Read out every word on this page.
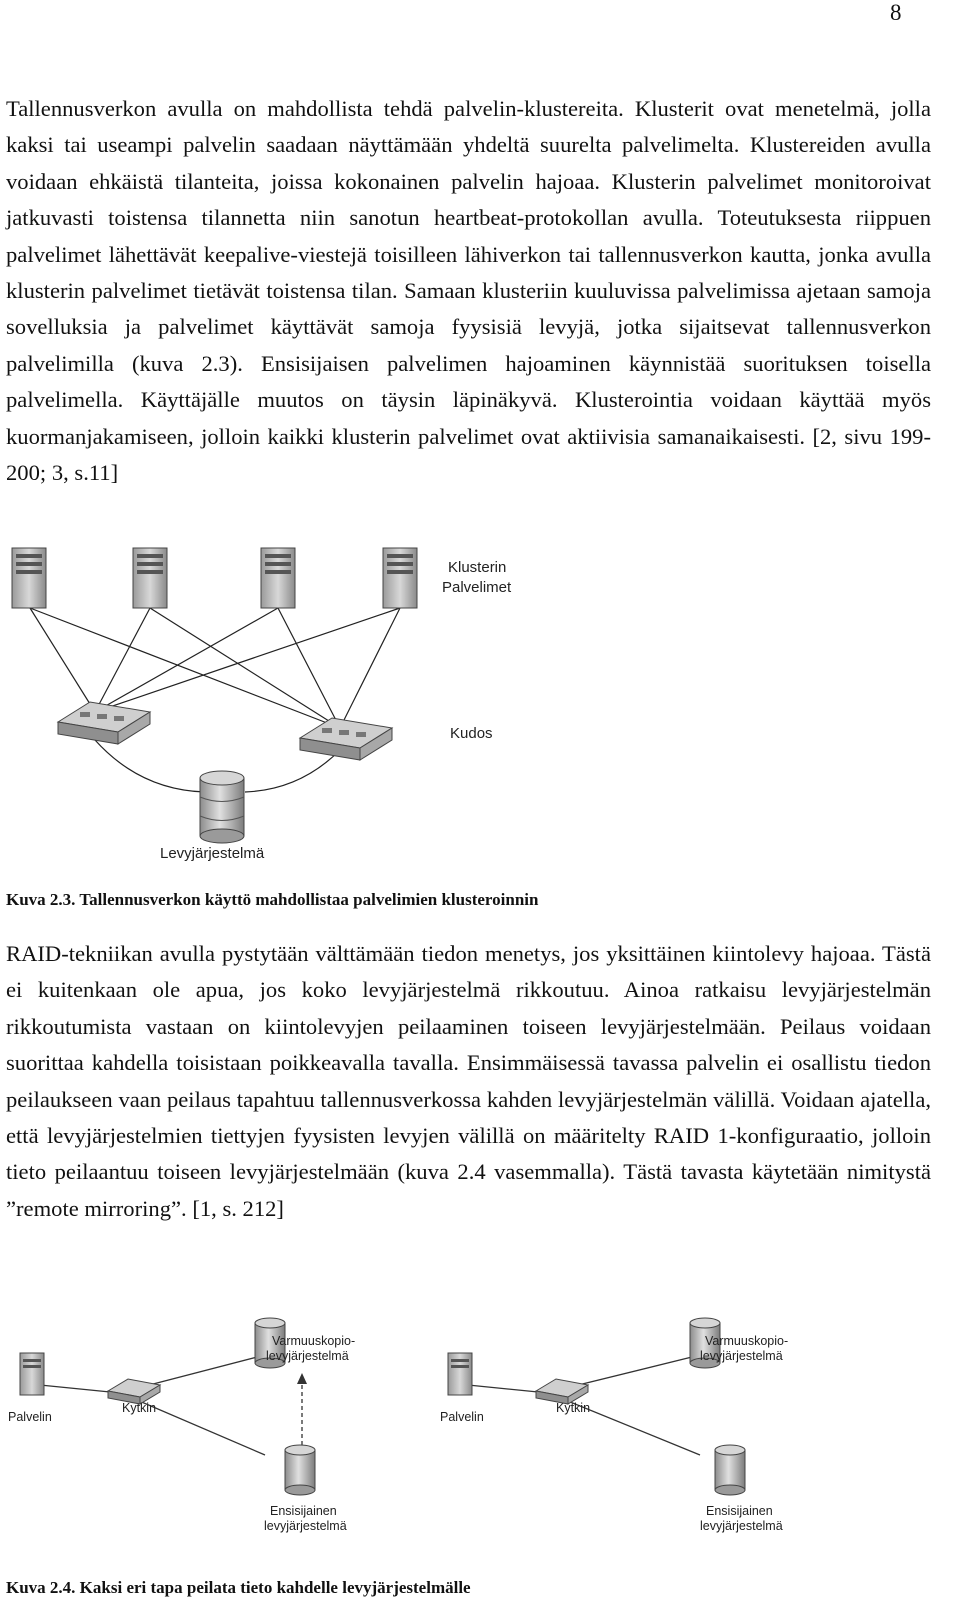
8

Tallennusverkon avulla on mahdollista tehdä palvelin-klustereita. Klusterit ovat menetelmä, jolla kaksi tai useampi palvelin saadaan näyttämään yhdeltä suurelta palvelimelta. Klustereiden avulla voidaan ehkäistä tilanteita, joissa kokonainen palvelin hajoaa. Klusterin palvelimet monitoroivat jatkuvasti toistensa tilannetta niin sanotun heartbeat-protokollan avulla. Toteutuksesta riippuen palvelimet lähettävät keepalive-viestejä toisilleen lähiverkon tai tallennusverkon kautta, jonka avulla klusterin palvelimet tietävät toistensa tilan. Samaan klusteriin kuuluvissa palvelimissa ajetaan samoja sovelluksia ja palvelimet käyttävät samoja fyysisiä levyjä, jotka sijaitsevat tallennusverkon palvelimilla (kuva 2.3). Ensisijaisen palvelimen hajoaminen käynnistää suorituksen toisella palvelimella. Käyttäjälle muutos on täysin läpinäkyvä. Klusterointia voidaan käyttää myös kuormanjakamiseen, jolloin kaikki klusterin palvelimet ovat aktiivisia samanaikaisesti. [2, sivu 199-200; 3, s.11]

Klusterin
Palvelimet
Kudos
Levyjärjestelmä

Kuva 2.3. Tallennusverkon käyttö mahdollistaa palvelimien klusteroinnin

RAID-tekniikan avulla pystytään välttämään tiedon menetys, jos yksittäinen kiintolevy hajoaa. Tästä ei kuitenkaan ole apua, jos koko levyjärjestelmä rikkoutuu. Ainoa ratkaisu levyjärjestelmän rikkoutumista vastaan on kiintolevyjen peilaaminen toiseen levyjärjestelmään. Peilaus voidaan suorittaa kahdella toisistaan poikkeavalla tavalla. Ensimmäisessä tavassa palvelin ei osallistu tiedon peilaukseen vaan peilaus tapahtuu tallennusverkossa kahden levyjärjestelmän välillä. Voidaan ajatella, että levyjärjestelmien tiettyjen fyysisten levyjen välillä on määritelty RAID 1-konfiguraatio, jolloin tieto peilaantuu toiseen levyjärjestelmään (kuva 2.4 vasemmalla). Tästä tavasta käytetään nimitystä ”remote mirroring”. [1, s. 212]

Palvelin
Kytkin
Varmuuskopio-
levyjärjestelmä
Ensisijainen
levyjärjestelmä
Palvelin
Kytkin
Varmuuskopio-
levyjärjestelmä
Ensisijainen
levyjärjestelmä

Kuva 2.4. Kaksi eri tapa peilata tieto kahdelle levyjärjestelmälle
